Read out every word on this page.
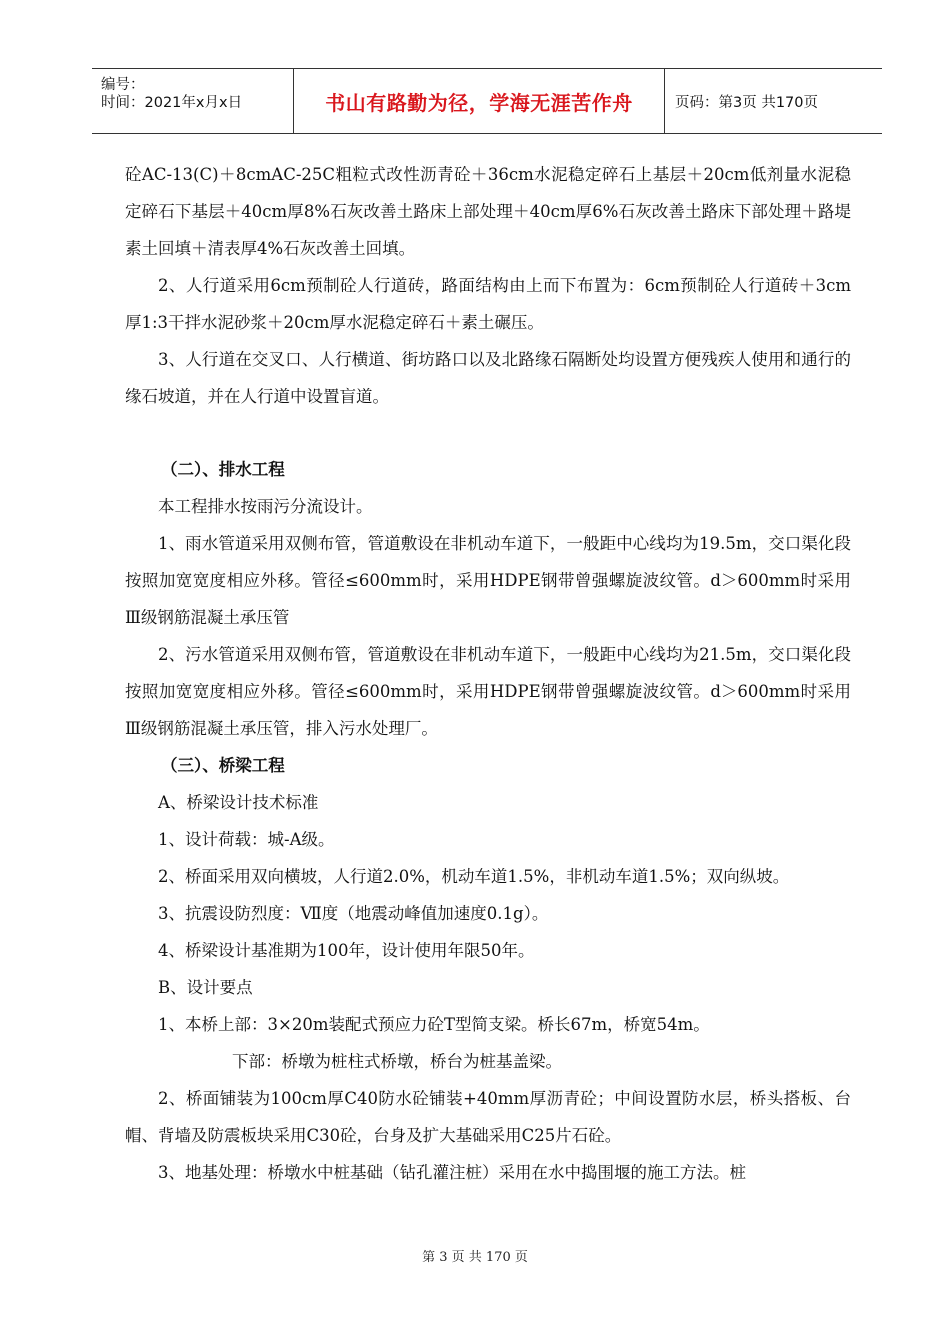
编号：
时间：2021年x月x日	书山有路勤为径，学海无涯苦作舟	页码：第3页 共170页

砼AC-13(C)＋8cmAC-25C粗粒式改性沥青砼＋36cm水泥稳定碎石上基层＋20cm低剂量水泥稳定碎石下基层＋40cm厚8%石灰改善土路床上部处理＋40cm厚6%石灰改善土路床下部处理＋路堤素土回填＋清表厚4%石灰改善土回填。

2、人行道采用6cm预制砼人行道砖，路面结构由上而下布置为：6cm预制砼人行道砖＋3cm厚1:3干拌水泥砂浆＋20cm厚水泥稳定碎石＋素土碾压。

3、人行道在交叉口、人行横道、街坊路口以及北路缘石隔断处均设置方便残疾人使用和通行的缘石坡道，并在人行道中设置盲道。

（二）、排水工程

本工程排水按雨污分流设计。

1、雨水管道采用双侧布管，管道敷设在非机动车道下，一般距中心线均为19.5m，交口渠化段按照加宽宽度相应外移。管径≤600mm时，采用HDPE钢带曾强螺旋波纹管。d＞600mm时采用Ⅲ级钢筋混凝土承压管

2、污水管道采用双侧布管，管道敷设在非机动车道下，一般距中心线均为21.5m，交口渠化段按照加宽宽度相应外移。管径≤600mm时，采用HDPE钢带曾强螺旋波纹管。d＞600mm时采用Ⅲ级钢筋混凝土承压管，排入污水处理厂。

（三）、桥梁工程

A、桥梁设计技术标准

1、设计荷载：城-A级。

2、桥面采用双向横坡，人行道2.0%，机动车道1.5%，非机动车道1.5%；双向纵坡。

3、抗震设防烈度：Ⅶ度（地震动峰值加速度0.1g）。

4、桥梁设计基准期为100年，设计使用年限50年。

B、设计要点

1、本桥上部：3×20m装配式预应力砼T型简支梁。桥长67m，桥宽54m。

下部：桥墩为桩柱式桥墩，桥台为桩基盖梁。

2、桥面铺装为100cm厚C40防水砼铺装+40mm厚沥青砼；中间设置防水层，桥头搭板、台帽、背墙及防震板块采用C30砼，台身及扩大基础采用C25片石砼。

3、地基处理：桥墩水中桩基础（钻孔灌注桩）采用在水中捣围堰的施工方法。桩

第 3 页 共 170 页
